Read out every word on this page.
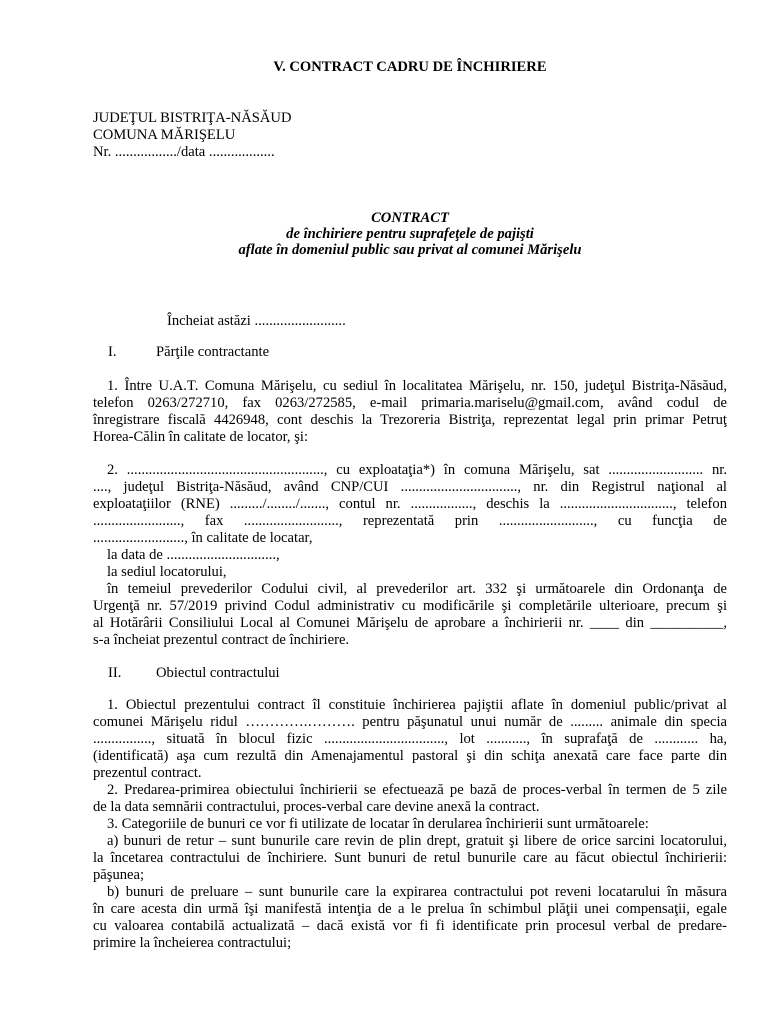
V. CONTRACT CADRU DE ÎNCHIRIERE
JUDEŢUL BISTRIŢA-NĂSĂUD
COMUNA MĂRIŞELU
Nr. ................./data ..................
CONTRACT
de închiriere pentru suprafeţele de pajişti
aflate în domeniul public sau privat al comunei Mărişelu
Încheiat astăzi .........................
I.	Părţile contractante
1. Între U.A.T. Comuna Mărişelu, cu sediul în localitatea Mărişelu, nr. 150, judeţul Bistriţa-Năsăud,
telefon 0263/272710, fax 0263/272585, e-mail primaria.mariselu@gmail.com, având codul de
înregistrare fiscală 4426948, cont deschis la Trezoreria Bistriţa, reprezentat legal prin primar Petruţ
Horea-Călin în calitate de locator, şi:
2. ......................................................, cu exploataţia*) în comuna Mărişelu, sat .......................... nr.
...., judeţul Bistriţa-Năsăud, având CNP/CUI ................................, nr. din Registrul naţional al
exploataţiilor (RNE) ........./......../......., contul nr. ................., deschis la ..............................., telefon
........................, fax .........................., reprezentată prin .........................., cu funcţia de
........................., în calitate de locatar,
la data de ..............................,
la sediul locatorului,
în temeiul prevederilor Codului civil, al prevederilor art. 332 şi următoarele din Ordonanţa de
Urgenţă nr. 57/2019 privind Codul administrativ cu modificările şi completările ulterioare, precum şi
al Hotărârii Consiliului Local al Comunei Mărişelu de aprobare a închirierii nr. ____ din __________,
s-a încheiat prezentul contract de închiriere.
II. Obiectul contractului
1. Obiectul prezentului contract îl constituie închirierea pajiştii aflate în domeniul public/privat al
comunei Mărişelu ridul ………….………. pentru păşunatul unui număr de ......... animale din specia
................, situată în blocul fizic ................................., lot ..........., în suprafaţă de ............ ha,
(identificată) aşa cum rezultă din Amenajamentul pastoral şi din schiţa anexată care face parte din
prezentul contract.
2. Predarea-primirea obiectului închirierii se efectuează pe bază de proces-verbal în termen de 5 zile
de la data semnării contractului, proces-verbal care devine anexă la contract.
3. Categoriile de bunuri ce vor fi utilizate de locatar în derularea închirierii sunt următoarele:
a) bunuri de retur – sunt bunurile care revin de plin drept, gratuit şi libere de orice sarcini locatorului,
la încetarea contractului de închiriere. Sunt bunuri de retul bunurile care au făcut obiectul închirierii:
păşunea;
b) bunuri de preluare – sunt bunurile care la expirarea contractului pot reveni locatarului în măsura
în care acesta din urmă îşi manifestă intenţia de a le prelua în schimbul plăţii unei compensaţii, egale
cu valoarea contabilă actualizată – dacă există vor fi fi identificate prin procesul verbal de predare-
primire la încheierea contractului;
